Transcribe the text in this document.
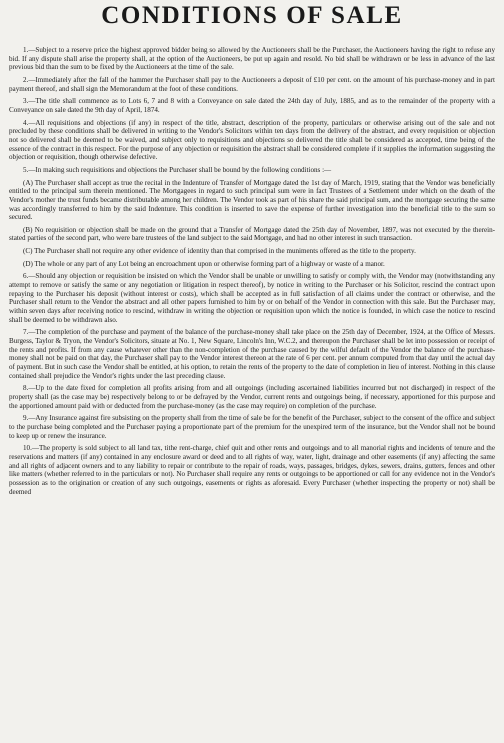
CONDITIONS OF SALE

1.—Subject to a reserve price the highest approved bidder being so allowed by the Auctioneers shall be the Purchaser, the Auctioneers having the right to refuse any bid. If any dispute shall arise the property shall, at the option of the Auctioneers, be put up again and resold. No bid shall be withdrawn or be less in advance of the last previous bid than the sum to be fixed by the Auctioneers at the time of the sale.

2.—Immediately after the fall of the hammer the Purchaser shall pay to the Auctioneers a deposit of £10 per cent. on the amount of his purchase-money and in part payment thereof, and shall sign the Memorandum at the foot of these conditions.

3.—The title shall commence as to Lots 6, 7 and 8 with a Conveyance on sale dated the 24th day of July, 1885, and as to the remainder of the property with a Conveyance on sale dated the 9th day of April, 1874.

4.—All requisitions and objections (if any) in respect of the title, abstract, description of the property, particulars or otherwise arising out of the sale and not precluded by these conditions shall be delivered in writing to the Vendor's Solicitors within ten days from the delivery of the abstract, and every requisition or objection not so delivered shall be deemed to be waived, and subject only to requisitions and objections so delivered the title shall be considered as accepted, time being of the essence of the contract in this respect. For the purpose of any objection or requisition the abstract shall be considered complete if it supplies the information suggesting the objection or requisition, though otherwise defective.

5.—In making such requisitions and objections the Purchaser shall be bound by the following conditions :—

(A) The Purchaser shall accept as true the recital in the Indenture of Transfer of Mortgage dated the 1st day of March, 1919, stating that the Vendor was beneficially entitled to the principal sum therein mentioned. The Mortgagees in regard to such principal sum were in fact Trustees of a Settlement under which on the death of the Vendor's mother the trust funds became distributable among her children. The Vendor took as part of his share the said principal sum, and the mortgage securing the same was accordingly transferred to him by the said Indenture. This condition is inserted to save the expense of further investigation into the beneficial title to the sum so secured.

(B) No requisition or objection shall be made on the ground that a Transfer of Mortgage dated the 25th day of November, 1897, was not executed by the therein-stated parties of the second part, who were bare trustees of the land subject to the said Mortgage, and had no other interest in such transaction.

(C) The Purchaser shall not require any other evidence of identity than that comprised in the muniments offered as the title to the property.

(D) The whole or any part of any Lot being an encroachment upon or otherwise forming part of a highway or waste of a manor.

6.—Should any objection or requisition be insisted on which the Vendor shall be unable or unwilling to satisfy or comply with, the Vendor may (notwithstanding any attempt to remove or satisfy the same or any negotiation or litigation in respect thereof), by notice in writing to the Purchaser or his Solicitor, rescind the contract upon repaying to the Purchaser his deposit (without interest or costs), which shall be accepted as in full satisfaction of all claims under the contract or otherwise, and the Purchaser shall return to the Vendor the abstract and all other papers furnished to him by or on behalf of the Vendor in connection with this sale. But the Purchaser may, within seven days after receiving notice to rescind, withdraw in writing the objection or requisition upon which the notice is founded, in which case the notice to rescind shall be deemed to be withdrawn also.

7.—The completion of the purchase and payment of the balance of the purchase-money shall take place on the 25th day of December, 1924, at the Office of Messrs. Burgess, Taylor & Tryon, the Vendor's Solicitors, situate at No. 1, New Square, Lincoln's Inn, W.C.2, and thereupon the Purchaser shall be let into possession or receipt of the rents and profits. If from any cause whatever other than the non-completion of the purchase caused by the wilful default of the Vendor the balance of the purchase-money shall not be paid on that day, the Purchaser shall pay to the Vendor interest thereon at the rate of 6 per cent. per annum computed from that day until the actual day of payment. But in such case the Vendor shall be entitled, at his option, to retain the rents of the property to the date of completion in lieu of interest. Nothing in this clause contained shall prejudice the Vendor's rights under the last preceding clause.

8.—Up to the date fixed for completion all profits arising from and all outgoings (including ascertained liabilities incurred but not discharged) in respect of the property shall (as the case may be) respectively belong to or be defrayed by the Vendor, current rents and outgoings being, if necessary, apportioned for this purpose and the apportioned amount paid with or deducted from the purchase-money (as the case may require) on completion of the purchase.

9.—Any Insurance against fire subsisting on the property shall from the time of sale be for the benefit of the Purchaser, subject to the consent of the office and subject to the purchase being completed and the Purchaser paying a proportionate part of the premium for the unexpired term of the insurance, but the Vendor shall not be bound to keep up or renew the insurance.

10.—The property is sold subject to all land tax, tithe rent-charge, chief quit and other rents and outgoings and to all manorial rights and incidents of tenure and the reservations and matters (if any) contained in any enclosure award or deed and to all rights of way, water, light, drainage and other easements (if any) affecting the same and all rights of adjacent owners and to any liability to repair or contribute to the repair of roads, ways, passages, bridges, dykes, sewers, drains, gutters, fences and other like matters (whether referred to in the particulars or not). No Purchaser shall require any rents or outgoings to be apportioned or call for any evidence not in the Vendor's possession as to the origination or creation of any such outgoings, easements or rights as aforesaid. Every Purchaser (whether inspecting the property or not) shall be deemed
